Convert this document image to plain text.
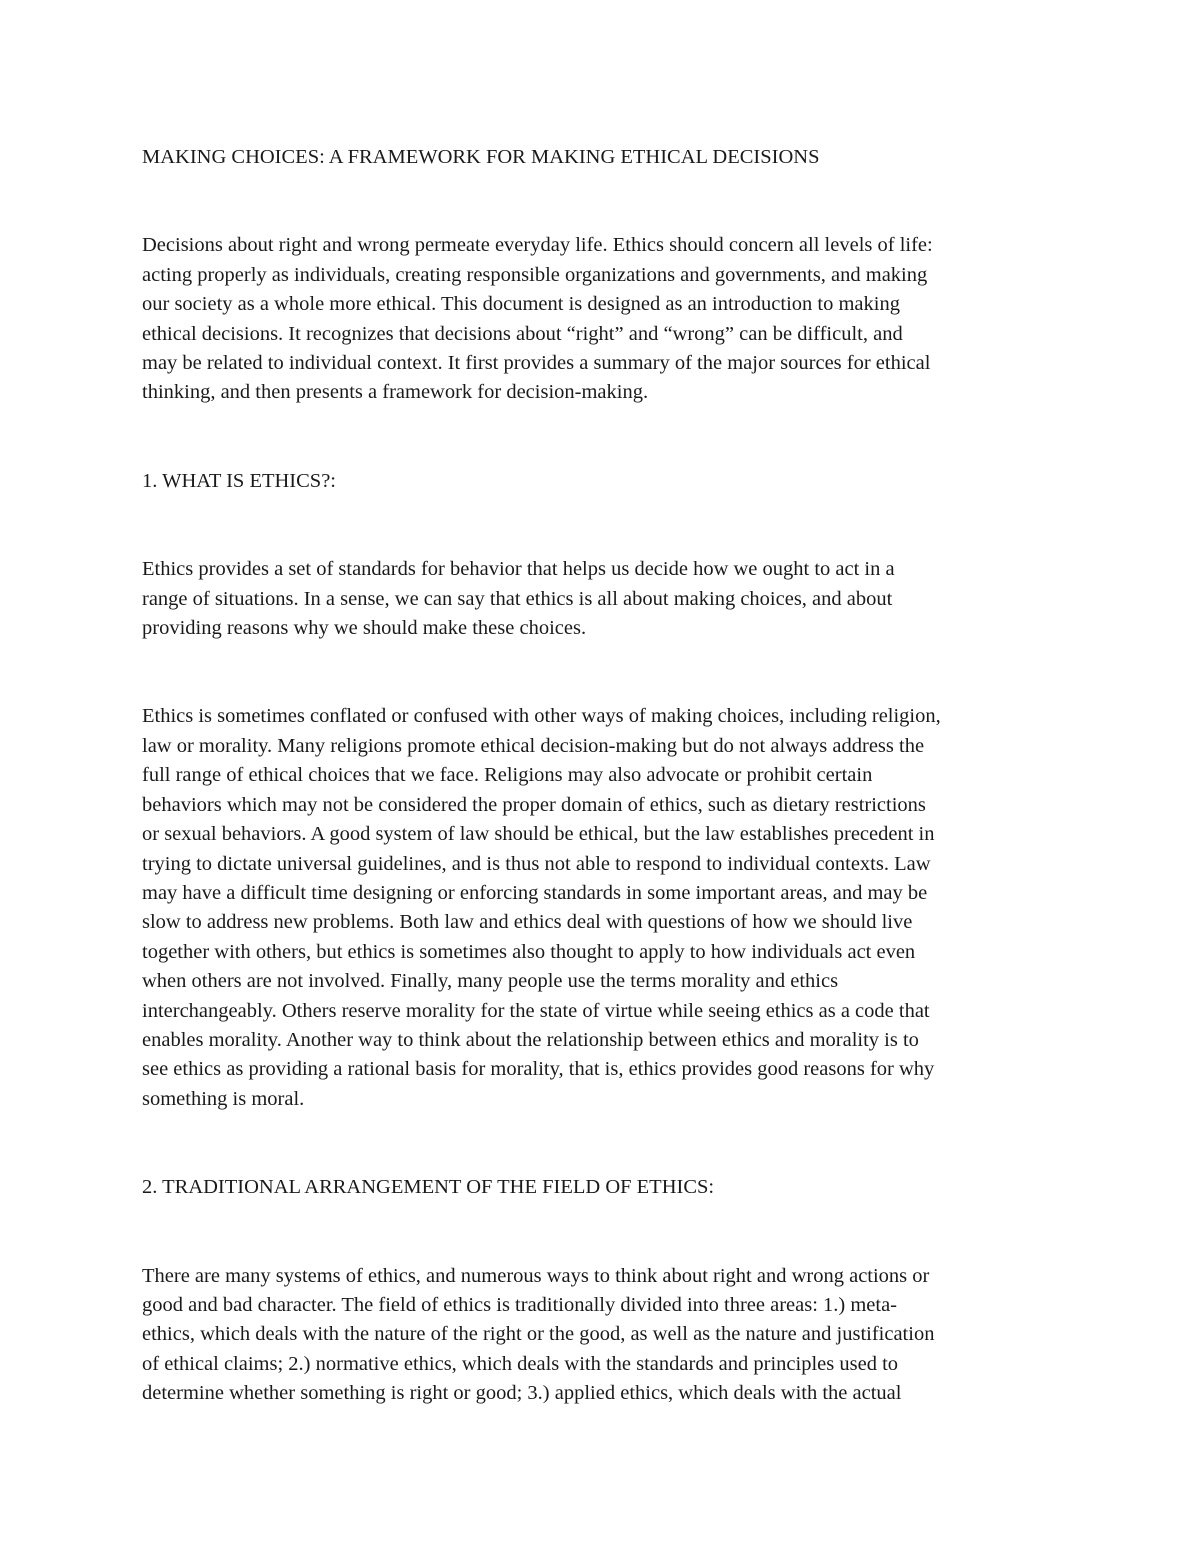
MAKING CHOICES: A FRAMEWORK FOR MAKING ETHICAL DECISIONS
Decisions about right and wrong permeate everyday life. Ethics should concern all levels of life:
acting properly as individuals, creating responsible organizations and governments, and making
our society as a whole more ethical. This document is designed as an introduction to making
ethical decisions. It recognizes that decisions about “right” and “wrong” can be difficult, and
may be related to individual context. It first provides a summary of the major sources for ethical
thinking, and then presents a framework for decision-making.
1. WHAT IS ETHICS?:
Ethics provides a set of standards for behavior that helps us decide how we ought to act in a
range of situations. In a sense, we can say that ethics is all about making choices, and about
providing reasons why we should make these choices.
Ethics is sometimes conflated or confused with other ways of making choices, including religion,
law or morality. Many religions promote ethical decision-making but do not always address the
full range of ethical choices that we face. Religions may also advocate or prohibit certain
behaviors which may not be considered the proper domain of ethics, such as dietary restrictions
or sexual behaviors. A good system of law should be ethical, but the law establishes precedent in
trying to dictate universal guidelines, and is thus not able to respond to individual contexts. Law
may have a difficult time designing or enforcing standards in some important areas, and may be
slow to address new problems. Both law and ethics deal with questions of how we should live
together with others, but ethics is sometimes also thought to apply to how individuals act even
when others are not involved. Finally, many people use the terms morality and ethics
interchangeably. Others reserve morality for the state of virtue while seeing ethics as a code that
enables morality. Another way to think about the relationship between ethics and morality is to
see ethics as providing a rational basis for morality, that is, ethics provides good reasons for why
something is moral.
2. TRADITIONAL ARRANGEMENT OF THE FIELD OF ETHICS:
There are many systems of ethics, and numerous ways to think about right and wrong actions or
good and bad character. The field of ethics is traditionally divided into three areas: 1.) meta-
ethics, which deals with the nature of the right or the good, as well as the nature and justification
of ethical claims; 2.) normative ethics, which deals with the standards and principles used to
determine whether something is right or good; 3.) applied ethics, which deals with the actual
